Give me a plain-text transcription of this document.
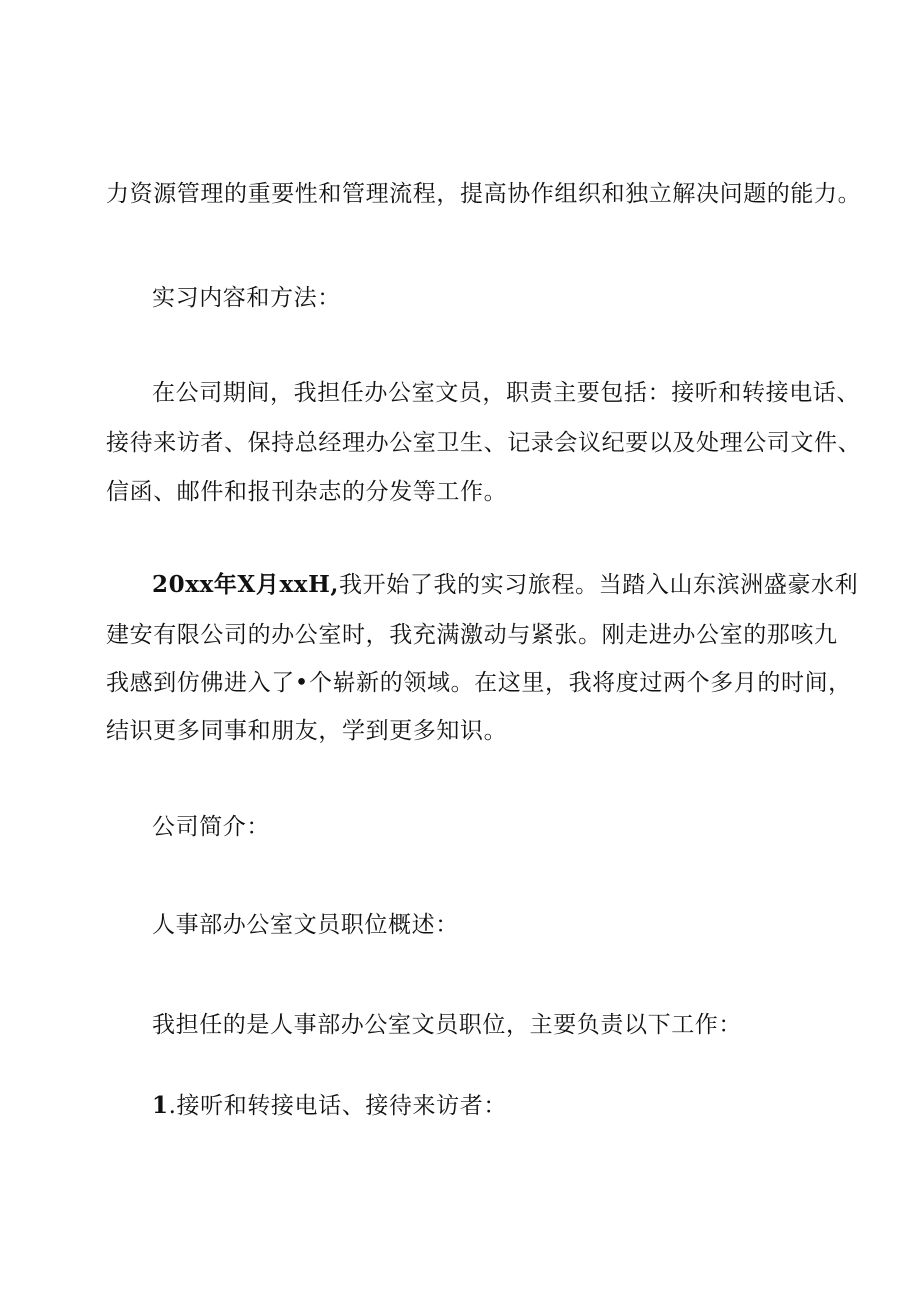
力资源管理的重要性和管理流程，提高协作组织和独立解决问题的能力。
实习内容和方法：
在公司期间，我担任办公室文员，职责主要包括：接听和转接电话、
接待来访者、保持总经理办公室卫生、记录会议纪要以及处理公司文件、
信函、邮件和报刊杂志的分发等工作。
20xx年X月xxH,我开始了我的实习旅程。当踏入山东滨洲盛豪水利
建安有限公司的办公室时，我充满激动与紧张。刚走进办公室的那咳九
我感到仿佛进入了•个崭新的领域。在这里，我将度过两个多月的时间，
结识更多同事和朋友，学到更多知识。
公司简介：
人事部办公室文员职位概述：
我担任的是人事部办公室文员职位，主要负责以下工作：
1.接听和转接电话、接待来访者：
